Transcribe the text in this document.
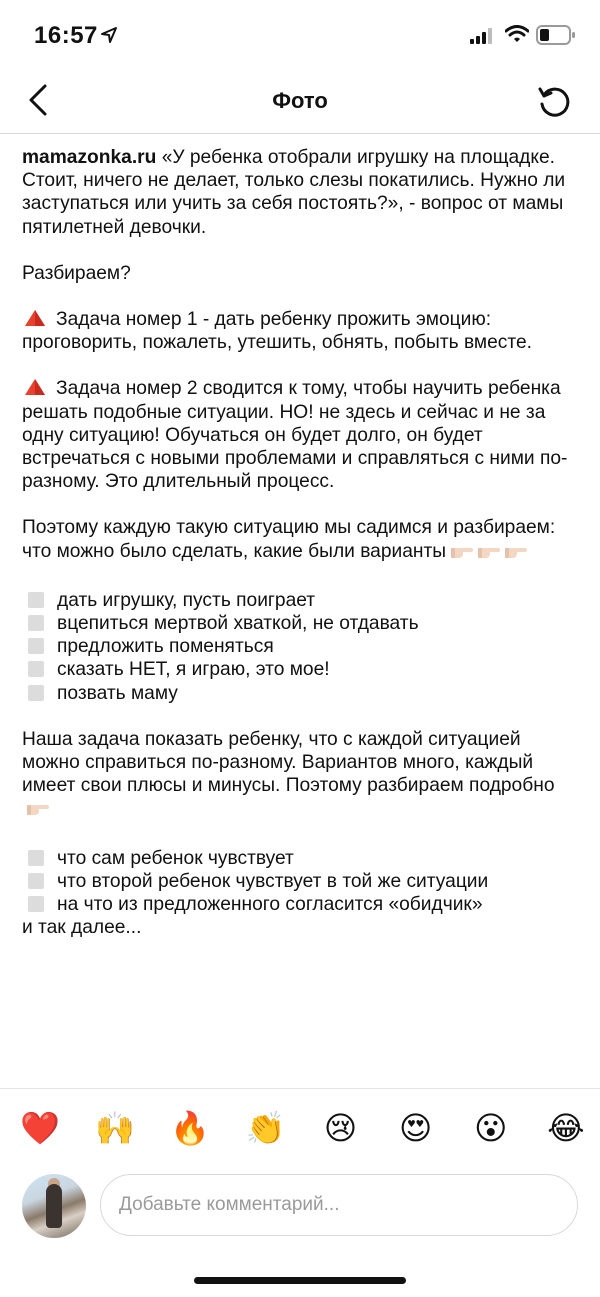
16:57
Фото

mamazonka.ru «У ребенка отобрали игрушку на площадке. Стоит, ничего не делает, только слезы покатились. Нужно ли заступаться или учить за себя постоять?», - вопрос от мамы пятилетней девочки.

Разбираем?

Задача номер 1 - дать ребенку прожить эмоцию: проговорить, пожалеть, утешить, обнять, побыть вместе.

Задача номер 2 сводится к тому, чтобы научить ребенка решать подобные ситуации. НО! не здесь и сейчас и не за одну ситуацию! Обучаться он будет долго, он будет встречаться с новыми проблемами и справляться с ними по-разному. Это длительный процесс.

Поэтому каждую такую ситуацию мы садимся и разбираем: что можно было сделать, какие были варианты

дать игрушку, пусть поиграет

вцепиться мертвой хваткой, не отдавать

предложить поменяться

сказать НЕТ, я играю, это мое!

позвать маму

Наша задача показать ребенку, что с каждой ситуацией можно справиться по-разному. Вариантов много, каждый имеет свои плюсы и минусы. Поэтому разбираем подробно

что сам ребенок чувствует

что второй ребенок чувствует в той же ситуации

на что из предложенного согласится «обидчик»

и так далее...

❤️ 🙌 🔥 👏 😢 😍 😮 😂
Добавьте комментарий...
